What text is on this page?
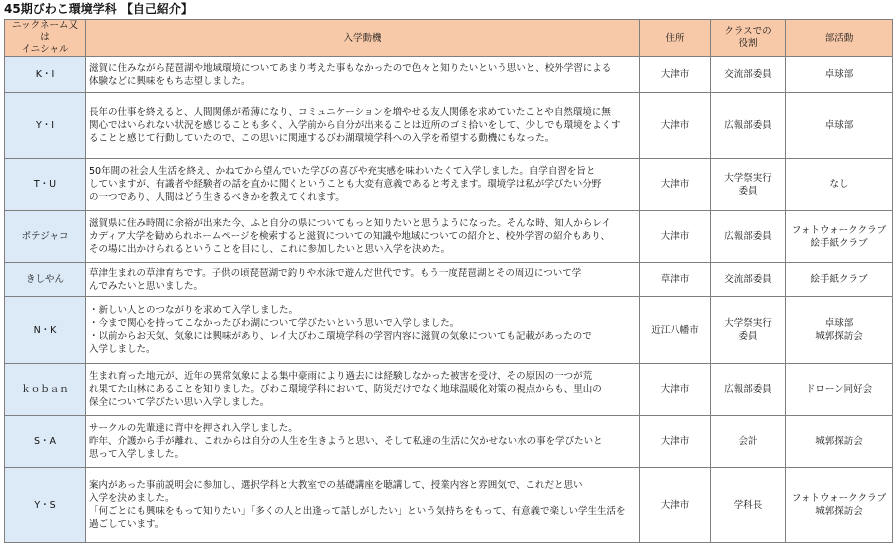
45期びわこ環境学科 【自己紹介】
ニックネーム又は
イニシャル	入学動機	住所	クラスでの
役割	部活動
K・I	滋賀に住みながら琵琶湖や地域環境についてあまり考えた事もなかったので色々と知りたいという思いと、校外学習による
体験などに興味をもち志望しました。	大津市	交流部委員	卓球部
Y・I	長年の仕事を終えると、人間関係が希薄になり、コミュニケーションを増やせる友人関係を求めていたことや自然環境に無
関心ではいられない状況を感じることも多く、入学前から自分が出来ることは近所のゴミ拾いをして、少しでも環境をよくす
ることと感じて行動していたので、この思いに関連するびわ湖環境学科への入学を希望する動機にもなった。	大津市	広報部委員	卓球部
T・U	50年間の社会人生活を終え、かねてから望んでいた学びの喜びや充実感を味わいたくて入学しました。自学自習を旨と
していますが、有識者や経験者の話を直かに聞くということも大変有意義であると考えます。環境学は私が学びたい分野
の一つであり、人間はどう生きるべきかを教えてくれます。	大津市	大学祭実行
委員	なし
ボテジャコ	滋賀県に住み時間に余裕が出来た今、ふと自分の県についてもっと知りたいと思うようになった。そんな時、知人からレイ
カディア大学を勧められホームページを検索すると滋賀についての知識や地域についての紹介と、校外学習の紹介もあり、
その場に出かけられるということを目にし、これに参加したいと思い入学を決めた。	大津市	広報部委員	フォトウォーククラブ
絵手紙クラブ
きしやん	草津生まれの草津育ちです。子供の頃琵琶湖で釣りや水泳で遊んだ世代です。もう一度琵琶湖とその周辺について学
んでみたいと思いました。	草津市	交流部委員	絵手紙クラブ
N・K	・新しい人とのつながりを求めて入学しました。
・今まで関心を持ってこなかったびわ湖について学びたいという思いで入学しました。
・以前からお天気、気象には興味があり、レイ大びわこ環境学科の学習内容に滋賀の気象についても記載があったので
入学しました。	近江八幡市	大学祭実行
委員	卓球部
城郭探訪会
ｋｏｂａｎ	生まれ育った地元が、近年の異常気象による集中豪雨により過去には経験しなかった被害を受け、その原因の一つが荒
れ果てた山林にあることを知りました。びわこ環境学科において、防災だけでなく地球温暖化対策の視点からも、里山の
保全について学びたい思い入学しました。	大津市	広報部委員	ドローン同好会
S・A	サークルの先輩達に背中を押され入学しました。
昨年、介護から手が離れ、これからは自分の人生を生きようと思い、そして私達の生活に欠かせない水の事を学びたいと
思って入学しました。	大津市	会計	城郭探訪会
Y・S	案内があった事前説明会に参加し、選択学科と大教室での基礎講座を聴講して、授業内容と雰囲気で、これだと思い
入学を決めました。
「何ごとにも興味をもって知りたい」「多くの人と出逢って話しがしたい」という気持ちをもって、有意義で楽しい学生生活を
過ごしています。	大津市	学科長	フォトウォーククラブ
城郭探訪会
